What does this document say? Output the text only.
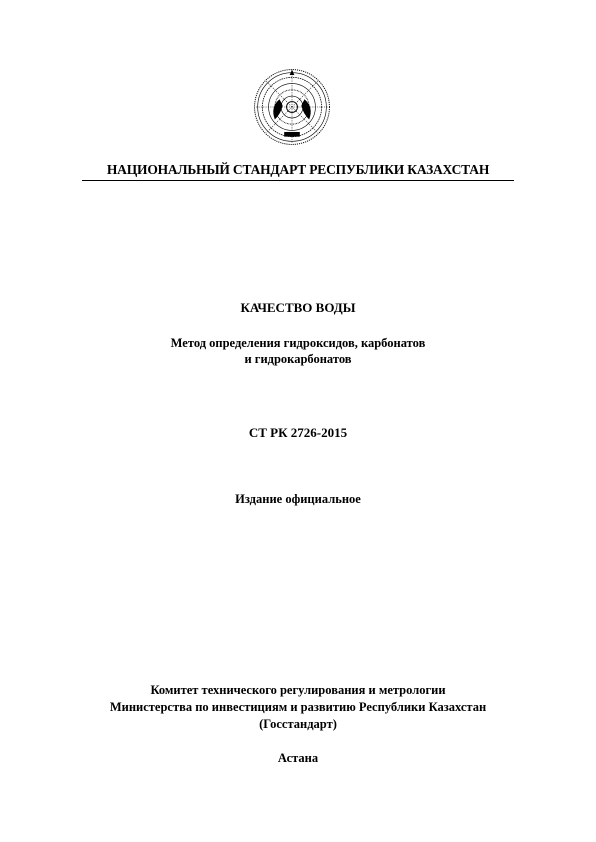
НАЦИОНАЛЬНЫЙ СТАНДАРТ РЕСПУБЛИКИ КАЗАХСТАН
КАЧЕСТВО ВОДЫ
Метод определения гидроксидов, карбонатов
и гидрокарбонатов
СТ РК 2726-2015
Издание официальное
Комитет технического регулирования и метрологии
Министерства по инвестициям и развитию Республики Казахстан
(Госстандарт)
Астана
